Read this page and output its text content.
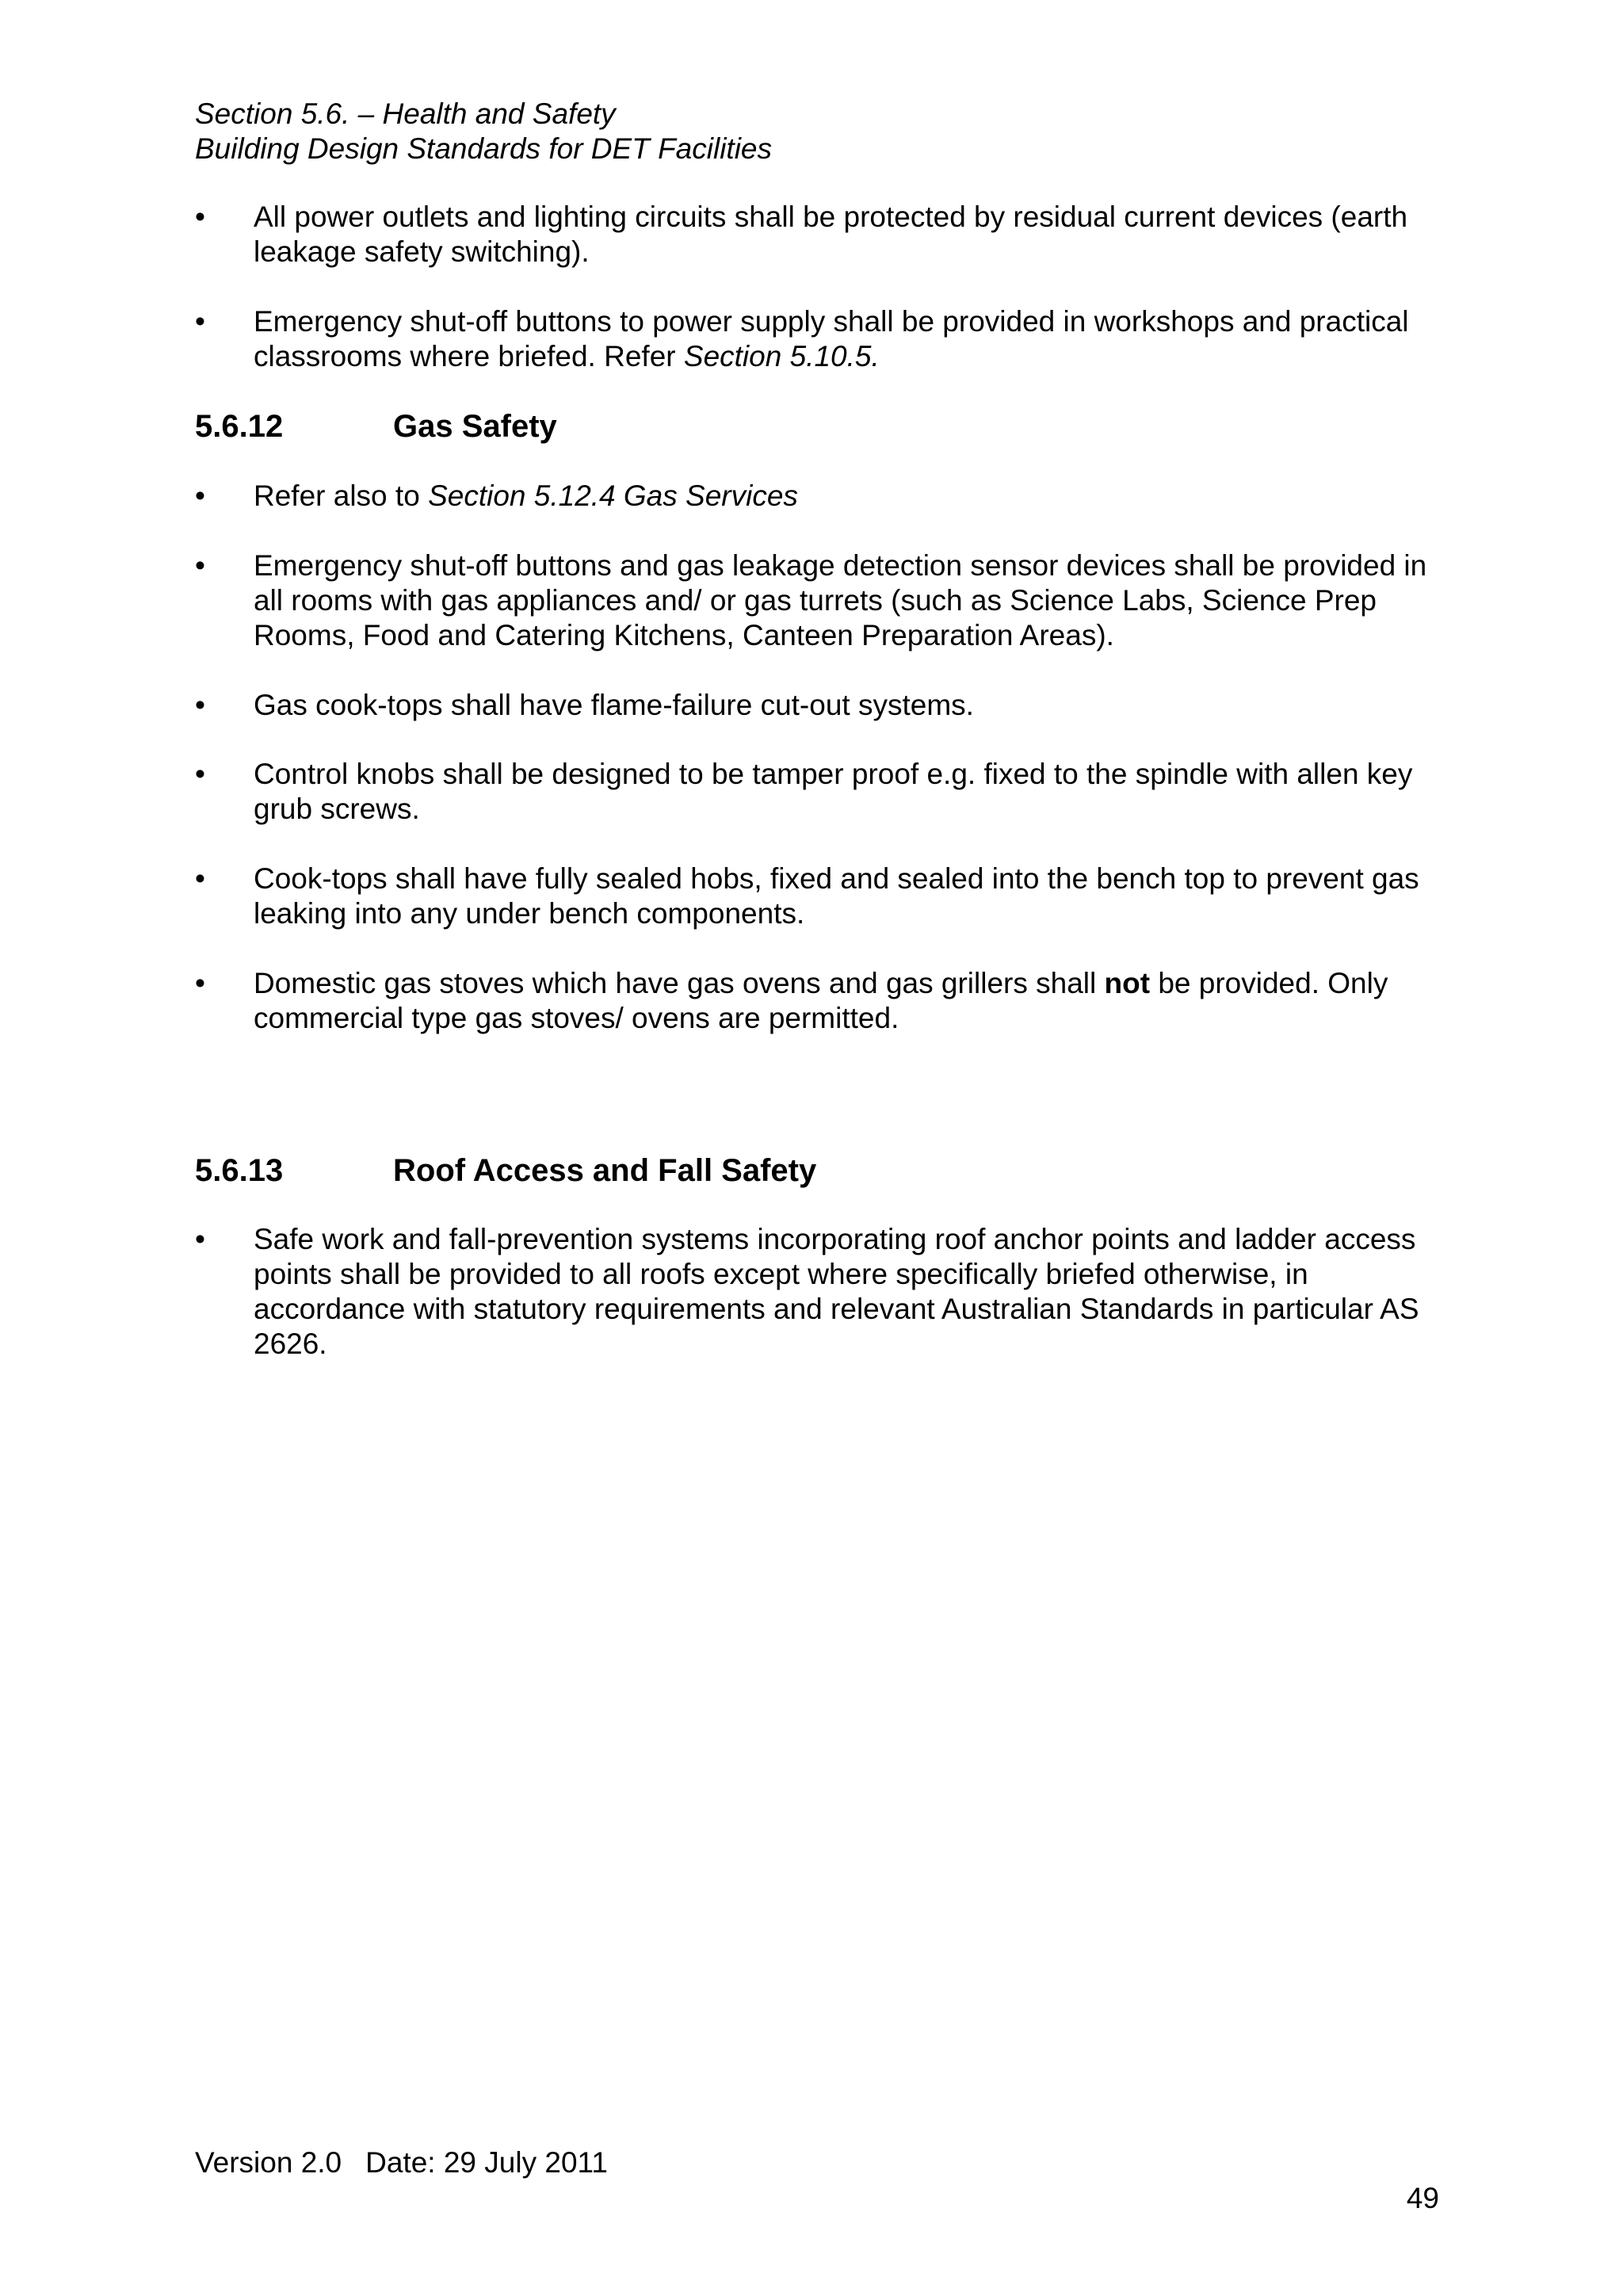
Section 5.6. – Health and Safety
Building Design Standards for DET Facilities
• All power outlets and lighting circuits shall be protected by residual current devices (earth leakage safety switching).
• Emergency shut-off buttons to power supply shall be provided in workshops and practical classrooms where briefed. Refer Section 5.10.5.
5.6.12	Gas Safety
• Refer also to Section 5.12.4 Gas Services
• Emergency shut-off buttons and gas leakage detection sensor devices shall be provided in all rooms with gas appliances and/ or gas turrets (such as Science Labs, Science Prep Rooms, Food and Catering Kitchens, Canteen Preparation Areas).
• Gas cook-tops shall have flame-failure cut-out systems.
• Control knobs shall be designed to be tamper proof e.g. fixed to the spindle with allen key grub screws.
• Cook-tops shall have fully sealed hobs, fixed and sealed into the bench top to prevent gas leaking into any under bench components.
• Domestic gas stoves which have gas ovens and gas grillers shall not be provided. Only commercial type gas stoves/ ovens are permitted.
5.6.13	Roof Access and Fall Safety
• Safe work and fall-prevention systems incorporating roof anchor points and ladder access points shall be provided to all roofs except where specifically briefed otherwise, in accordance with statutory requirements and relevant Australian Standards in particular AS 2626.
Version 2.0 Date: 29 July 2011
49
